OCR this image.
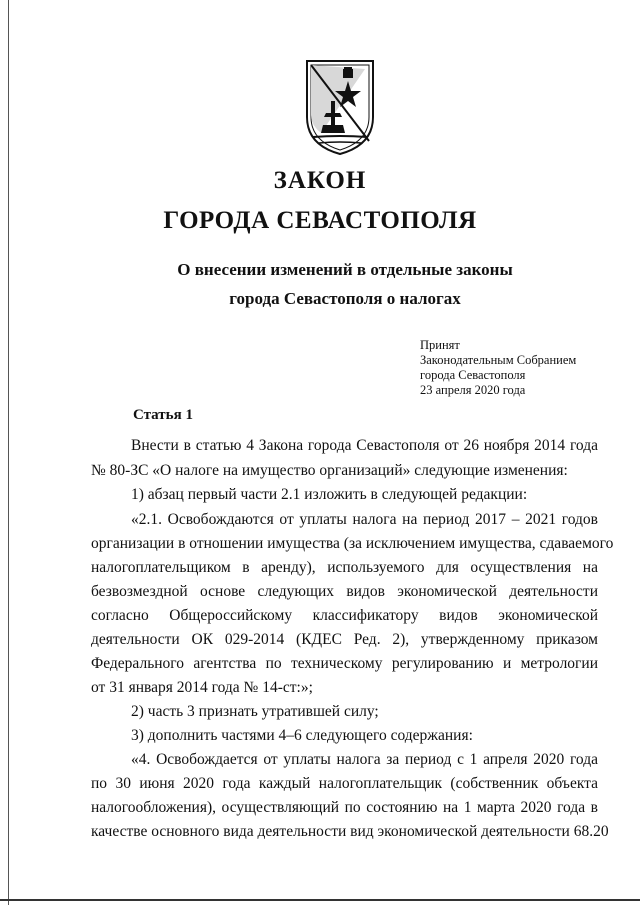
ЗАКОН
ГОРОДА СЕВАСТОПОЛЯ
О внесении изменений в отдельные законы
города Севастополя о налогах
Принят
Законодательным Собранием
города Севастополя
23 апреля 2020 года
Статья 1
Внести в статью 4 Закона города Севастополя от 26 ноября 2014 года
№ 80-ЗС «О налоге на имущество организаций» следующие изменения:
1) абзац первый части 2.1 изложить в следующей редакции:
«2.1. Освобождаются от уплаты налога на период 2017 – 2021 годов
организации в отношении имущества (за исключением имущества, сдаваемого
налогоплательщиком в аренду), используемого для осуществления на
безвозмездной основе следующих видов экономической деятельности
согласно Общероссийскому классификатору видов экономической
деятельности ОК 029-2014 (КДЕС Ред. 2), утвержденному приказом
Федерального агентства по техническому регулированию и метрологии
от 31 января 2014 года № 14-ст:»;
2) часть 3 признать утратившей силу;
3) дополнить частями 4–6 следующего содержания:
«4. Освобождается от уплаты налога за период с 1 апреля 2020 года
по 30 июня 2020 года каждый налогоплательщик (собственник объекта
налогообложения), осуществляющий по состоянию на 1 марта 2020 года в
качестве основного вида деятельности вид экономической деятельности 68.20
